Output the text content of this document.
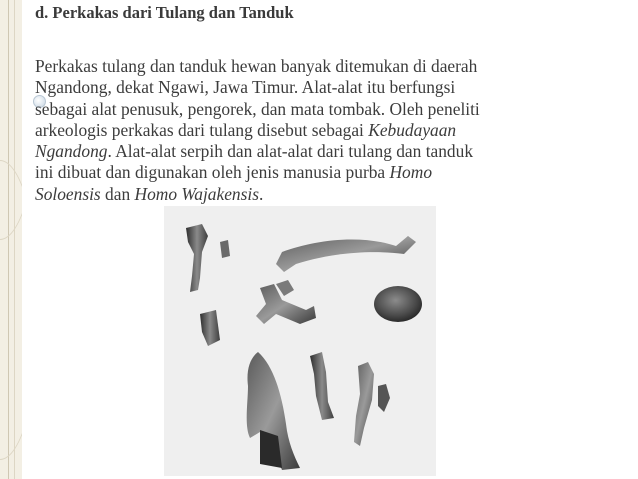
d. Perkakas dari Tulang dan Tanduk
Perkakas tulang dan tanduk hewan banyak ditemukan di daerah
Ngandong, dekat Ngawi, Jawa Timur. Alat-alat itu berfungsi
sebagai alat penusuk, pengorek, dan mata tombak. Oleh peneliti
arkeologis perkakas dari tulang disebut sebagai Kebudayaan
Ngandong. Alat-alat serpih dan alat-alat dari tulang dan tanduk
ini dibuat dan digunakan oleh jenis manusia purba Homo
Soloensis dan Homo Wajakensis.
